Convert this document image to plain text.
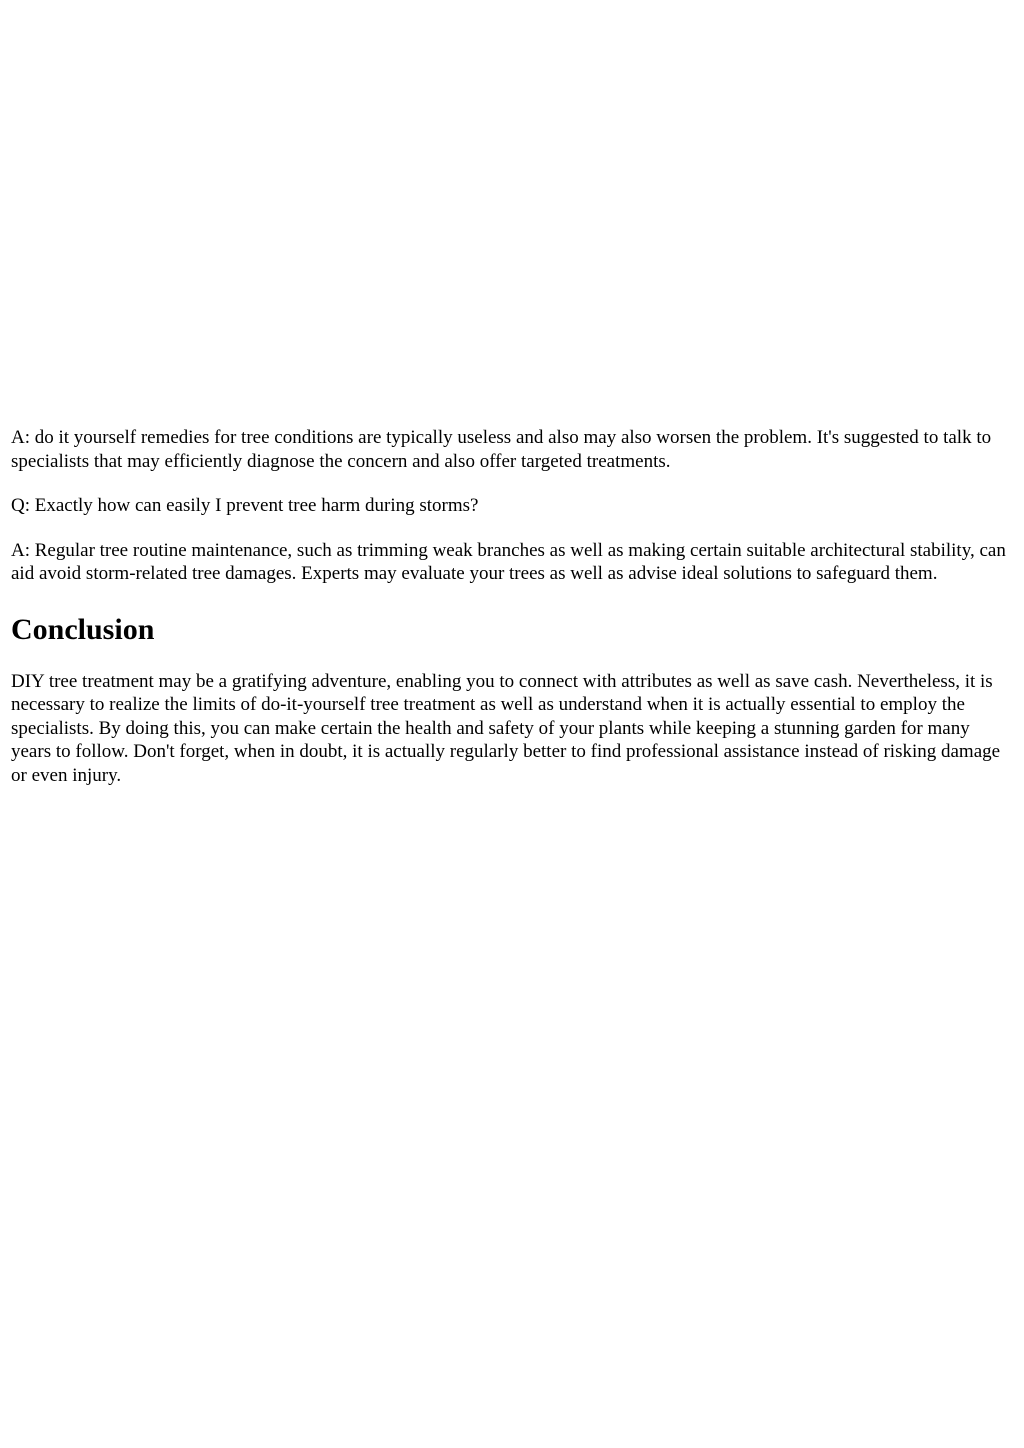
A: do it yourself remedies for tree conditions are typically useless and also may also worsen the problem. It's suggested to talk to specialists that may efficiently diagnose the concern and also offer targeted treatments.

Q: Exactly how can easily I prevent tree harm during storms?

A: Regular tree routine maintenance, such as trimming weak branches as well as making certain suitable architectural stability, can aid avoid storm-related tree damages. Experts may evaluate your trees as well as advise ideal solutions to safeguard them.

Conclusion

DIY tree treatment may be a gratifying adventure, enabling you to connect with attributes as well as save cash. Nevertheless, it is necessary to realize the limits of do-it-yourself tree treatment as well as understand when it is actually essential to employ the specialists. By doing this, you can make certain the health and safety of your plants while keeping a stunning garden for many years to follow. Don't forget, when in doubt, it is actually regularly better to find professional assistance instead of risking damage or even injury.
